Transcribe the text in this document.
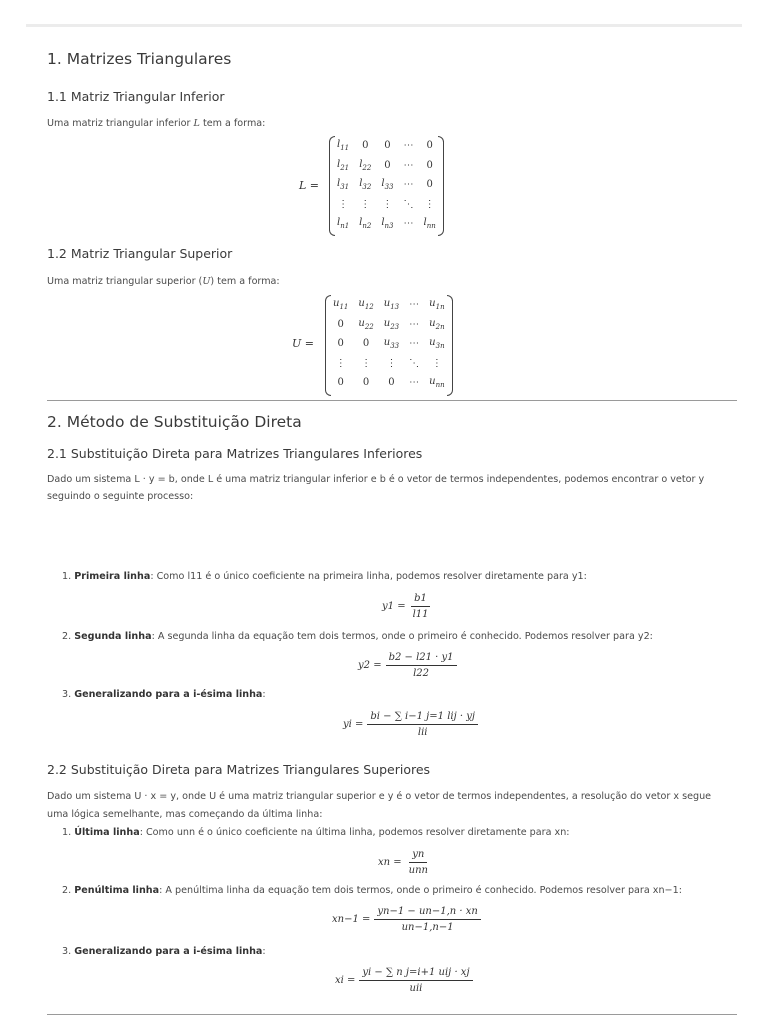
1. Matrizes Triangulares
1.1 Matriz Triangular Inferior
Uma matriz triangular inferior L tem a forma:
L =
$l_{11}$	0	0	⋯	0
$l_{21}$	$l_{22}$	0	⋯	0
$l_{31}$	$l_{32}$	$l_{33}$	⋯	0
⋮	⋮	⋮	⋱	⋮
$l_{n1}$	$l_{n2}$	$l_{n3}$	⋯	$l_{nn}$
1.2 Matriz Triangular Superior
Uma matriz triangular superior (U) tem a forma:
U =
$u_{11}$	$u_{12}$	$u_{13}$	⋯	$u_{1n}$
0	$u_{22}$	$u_{23}$	⋯	$u_{2n}$
0	0	$u_{33}$	⋯	$u_{3n}$
⋮	⋮	⋮	⋱	⋮
0	0	0	⋯	$u_{nn}$
2. Método de Substituição Direta
2.1 Substituição Direta para Matrizes Triangulares Inferiores
Dado um sistema L · y = b, onde L é uma matriz triangular inferior e b é o vetor de termos independentes, podemos encontrar o vetor y
seguindo o seguinte processo:
1. Primeira linha: Como l11 é o único coeficiente na primeira linha, podemos resolver diretamente para y1:
$y1 = \frac{b1}{l11}$
2. Segunda linha: A segunda linha da equação tem dois termos, onde o primeiro é conhecido. Podemos resolver para y2:
$y2 = \frac{b2 - l21 \cdot y1}{l22}$
3. Generalizando para a i-ésima linha:
yi = $\frac{\text{bi − ∑ i−1 j=1 lij · yj}}{\text{lii}}$
2.2 Substituição Direta para Matrizes Triangulares Superiores
Dado um sistema U · x = y, onde U é uma matriz triangular superior e y é o vetor de termos independentes, a resolução do vetor x segue
uma lógica semelhante, mas começando da última linha:
1. Última linha: Como unn é o único coeficiente na última linha, podemos resolver diretamente para xn:
xn = $\frac{yn}{\text{unn}}$
2. Penúltima linha: A penúltima linha da equação tem dois termos, onde o primeiro é conhecido. Podemos resolver para xn−1:
$xn-1 = \frac{yn-1 - un-1,n \cdot xn}{un-1,n-1}$
3. Generalizando para a i-ésima linha:
xi = $\frac{\text{yi − ∑ n j=i+1 uij · xj}}{\text{uii}}$
